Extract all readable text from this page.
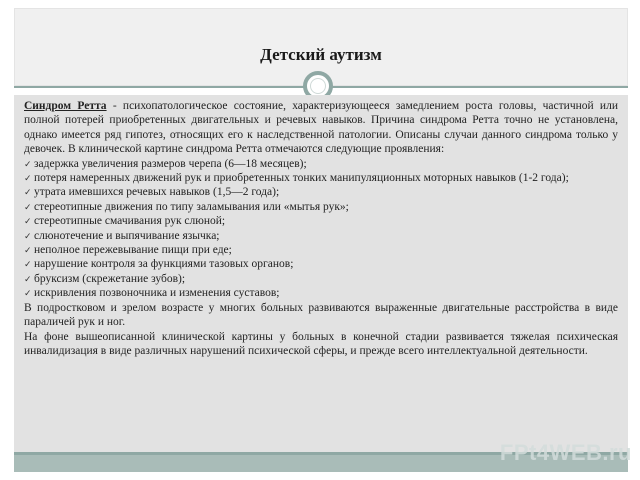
Детский аутизм

Синдром Ретта - психопатологическое состояние, характеризующееся замедлением роста головы, частичной или полной потерей приобретенных двигательных и речевых навыков. Причина синдрома Ретта точно не установлена, однако имеется ряд гипотез, относящих его к наследственной патологии. Описаны случаи данного синдрома только у девочек. В клинической картине синдрома Ретта отмечаются следующие проявления:

✓ задержка увеличения размеров черепа (6—18 месяцев);
✓ потеря намеренных движений рук и приобретенных тонких манипуляционных моторных навыков (1-2 года);
✓ утрата имевшихся речевых навыков (1,5—2 года);
✓ стереотипные движения по типу заламывания или «мытья рук»;
✓ стереотипные смачивания рук слюной;
✓ слюнотечение и выпячивание язычка;
✓ неполное пережевывание пищи при еде;
✓ нарушение контроля за функциями тазовых органов;
✓ бруксизм (скрежетание зубов);
✓ искривления позвоночника и изменения суставов;

В подростковом и зрелом возрасте у многих больных развиваются выраженные двигательные расстройства в виде параличей рук и ног.

На фоне вышеописанной клинической картины у больных в конечной стадии развивается тяжелая психическая инвалидизация в виде различных нарушений психической сферы, и прежде всего интеллектуальной деятельности.

FPt4WEB.ru
